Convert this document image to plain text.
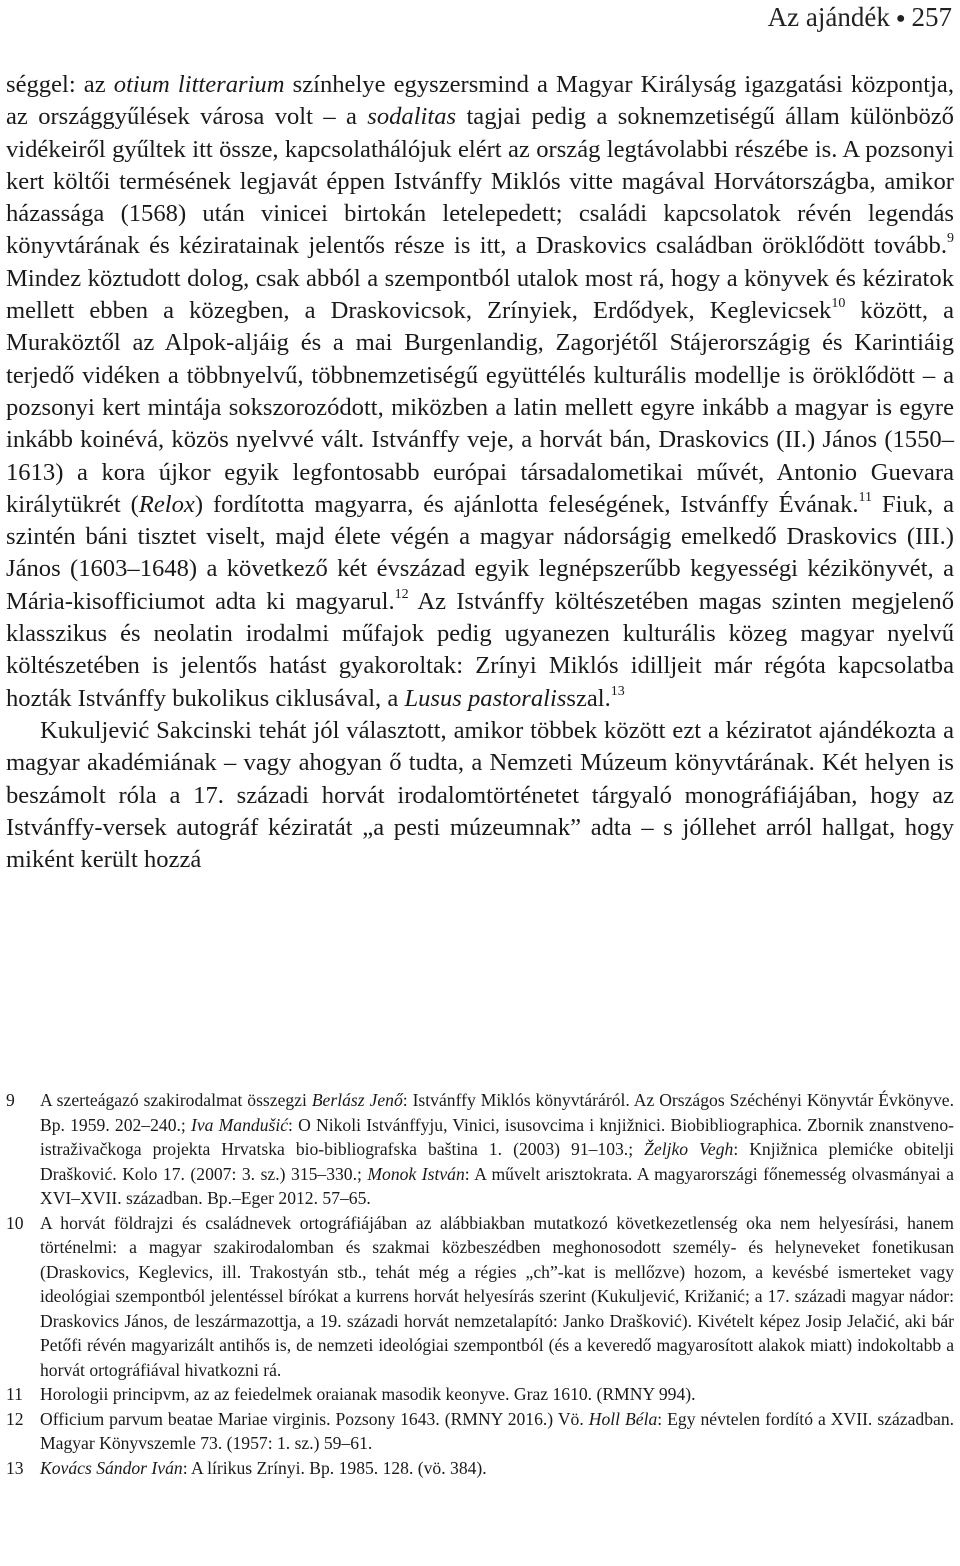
Az ajándék ● 257

séggel: az otium litterarium színhelye egyszersmind a Magyar Királyság igazgatási központja, az országgyűlések városa volt – a sodalitas tagjai pedig a soknemzetiségű állam különböző vidékeiről gyűltek itt össze, kapcsolathálójuk elért az ország legtávolabbi részébe is. A pozsonyi kert költői termésének legjavát éppen Istvánffy Miklós vitte magával Horvátországba, amikor házassága (1568) után vinicei birtokán letelepedett; családi kapcsolatok révén legendás könyvtárának és kéziratainak jelentős része is itt, a Draskovics családban öröklődött tovább.$^9$ Mindez köztudott dolog, csak abból a szempontból utalok most rá, hogy a könyvek és kéziratok mellett ebben a közegben, a Draskovicsok, Zrínyiek, Erdődyek, Keglevicsek$^{10}$ között, a Muraköztől az Alpok-aljáig és a mai Burgenlandig, Zagorjétől Stájerországig és Karintiáig terjedő vidéken a többnyelvű, többnemzetiségű együttélés kulturális modellje is öröklődött – a pozsonyi kert mintája sokszorozódott, miközben a latin mellett egyre inkább a magyar is egyre inkább koinévá, közös nyelvvé vált. Istvánffy veje, a horvát bán, Draskovics (II.) János (1550–1613) a kora újkor egyik legfontosabb európai társadalometikai művét, Antonio Guevara királytükrét (Relox) fordította magyarra, és ajánlotta feleségének, Istvánffy Évának.$^{11}$ Fiuk, a szintén báni tisztet viselt, majd élete végén a magyar nádorságig emelkedő Draskovics (III.) János (1603–1648) a következő két évszázad egyik legnépszerűbb kegyességi kézikönyvét, a Mária-kisofficiumot adta ki magyarul.$^{12}$ Az Istvánffy költészetében magas szinten megjelenő klasszikus és neolatin irodalmi műfajok pedig ugyanezen kulturális közeg magyar nyelvű költészetében is jelentős hatást gyakoroltak: Zrínyi Miklós idilljeit már régóta kapcsolatba hozták Istvánffy bukolikus ciklusával, a Lusus pastoralisszal.$^{13}$

Kukuljević Sakcinski tehát jól választott, amikor többek között ezt a kéziratot ajándékozta a magyar akadémiának – vagy ahogyan ő tudta, a Nemzeti Múzeum könyvtárának. Két helyen is beszámolt róla a 17. századi horvát irodalomtörténetet tárgyaló monográfiájában, hogy az Istvánffy-versek autográf kéziratát „a pesti múzeumnak” adta – s jóllehet arról hallgat, hogy miként került hozzá

9	A szerteágazó szakirodalmat összegzi Berlász Jenő: Istvánffy Miklós könyvtáráról. Az Országos Széchényi Könyvtár Évkönyve. Bp. 1959. 202–240.; Iva Mandušić: O Nikoli Istvánffyju, Vinici, isusovcima i knjižnici. Biobibliographica. Zbornik znanstveno-istraživačkoga projekta Hrvatska bio-bibliografska baština 1. (2003) 91–103.; Željko Vegh: Knjižnica plemićke obitelji Drašković. Kolo 17. (2007: 3. sz.) 315–330.; Monok István: A művelt arisztokrata. A magyarországi főnemesség olvasmányai a XVI–XVII. században. Bp.–Eger 2012. 57–65.
10 A horvát földrajzi és családnevek ortográfiájában az alábbiakban mutatkozó következetlenség oka nem helyesírási, hanem történelmi: a magyar szakirodalomban és szakmai közbeszédben meghonosodott személy- és helyneveket fonetikusan (Draskovics, Keglevics, ill. Trakostyán stb., tehát még a régies „ch”-kat is mellőzve) hozom, a kevésbé ismerteket vagy ideológiai szempontból jelentéssel bírókat a kurrens horvát helyesírás szerint (Kukuljević, Križanić; a 17. századi magyar nádor: Draskovics János, de leszármazottja, a 19. századi horvát nemzetalapító: Janko Drašković). Kivételt képez Josip Jelačić, aki bár Petőfi révén magyarizált antihős is, de nemzeti ideológiai szempontból (és a keveredő magyarosított alakok miatt) indokoltabb a horvát ortográfiával hivatkozni rá.
11 Horologii principvm, az az feiedelmek oraianak masodik keonyve. Graz 1610. (RMNY 994).
12 Officium parvum beatae Mariae virginis. Pozsony 1643. (RMNY 2016.) Vö. Holl Béla: Egy névtelen fordító a XVII. században. Magyar Könyvszemle 73. (1957: 1. sz.) 59–61.
13 Kovács Sándor Iván: A lírikus Zrínyi. Bp. 1985. 128. (vö. 384).
